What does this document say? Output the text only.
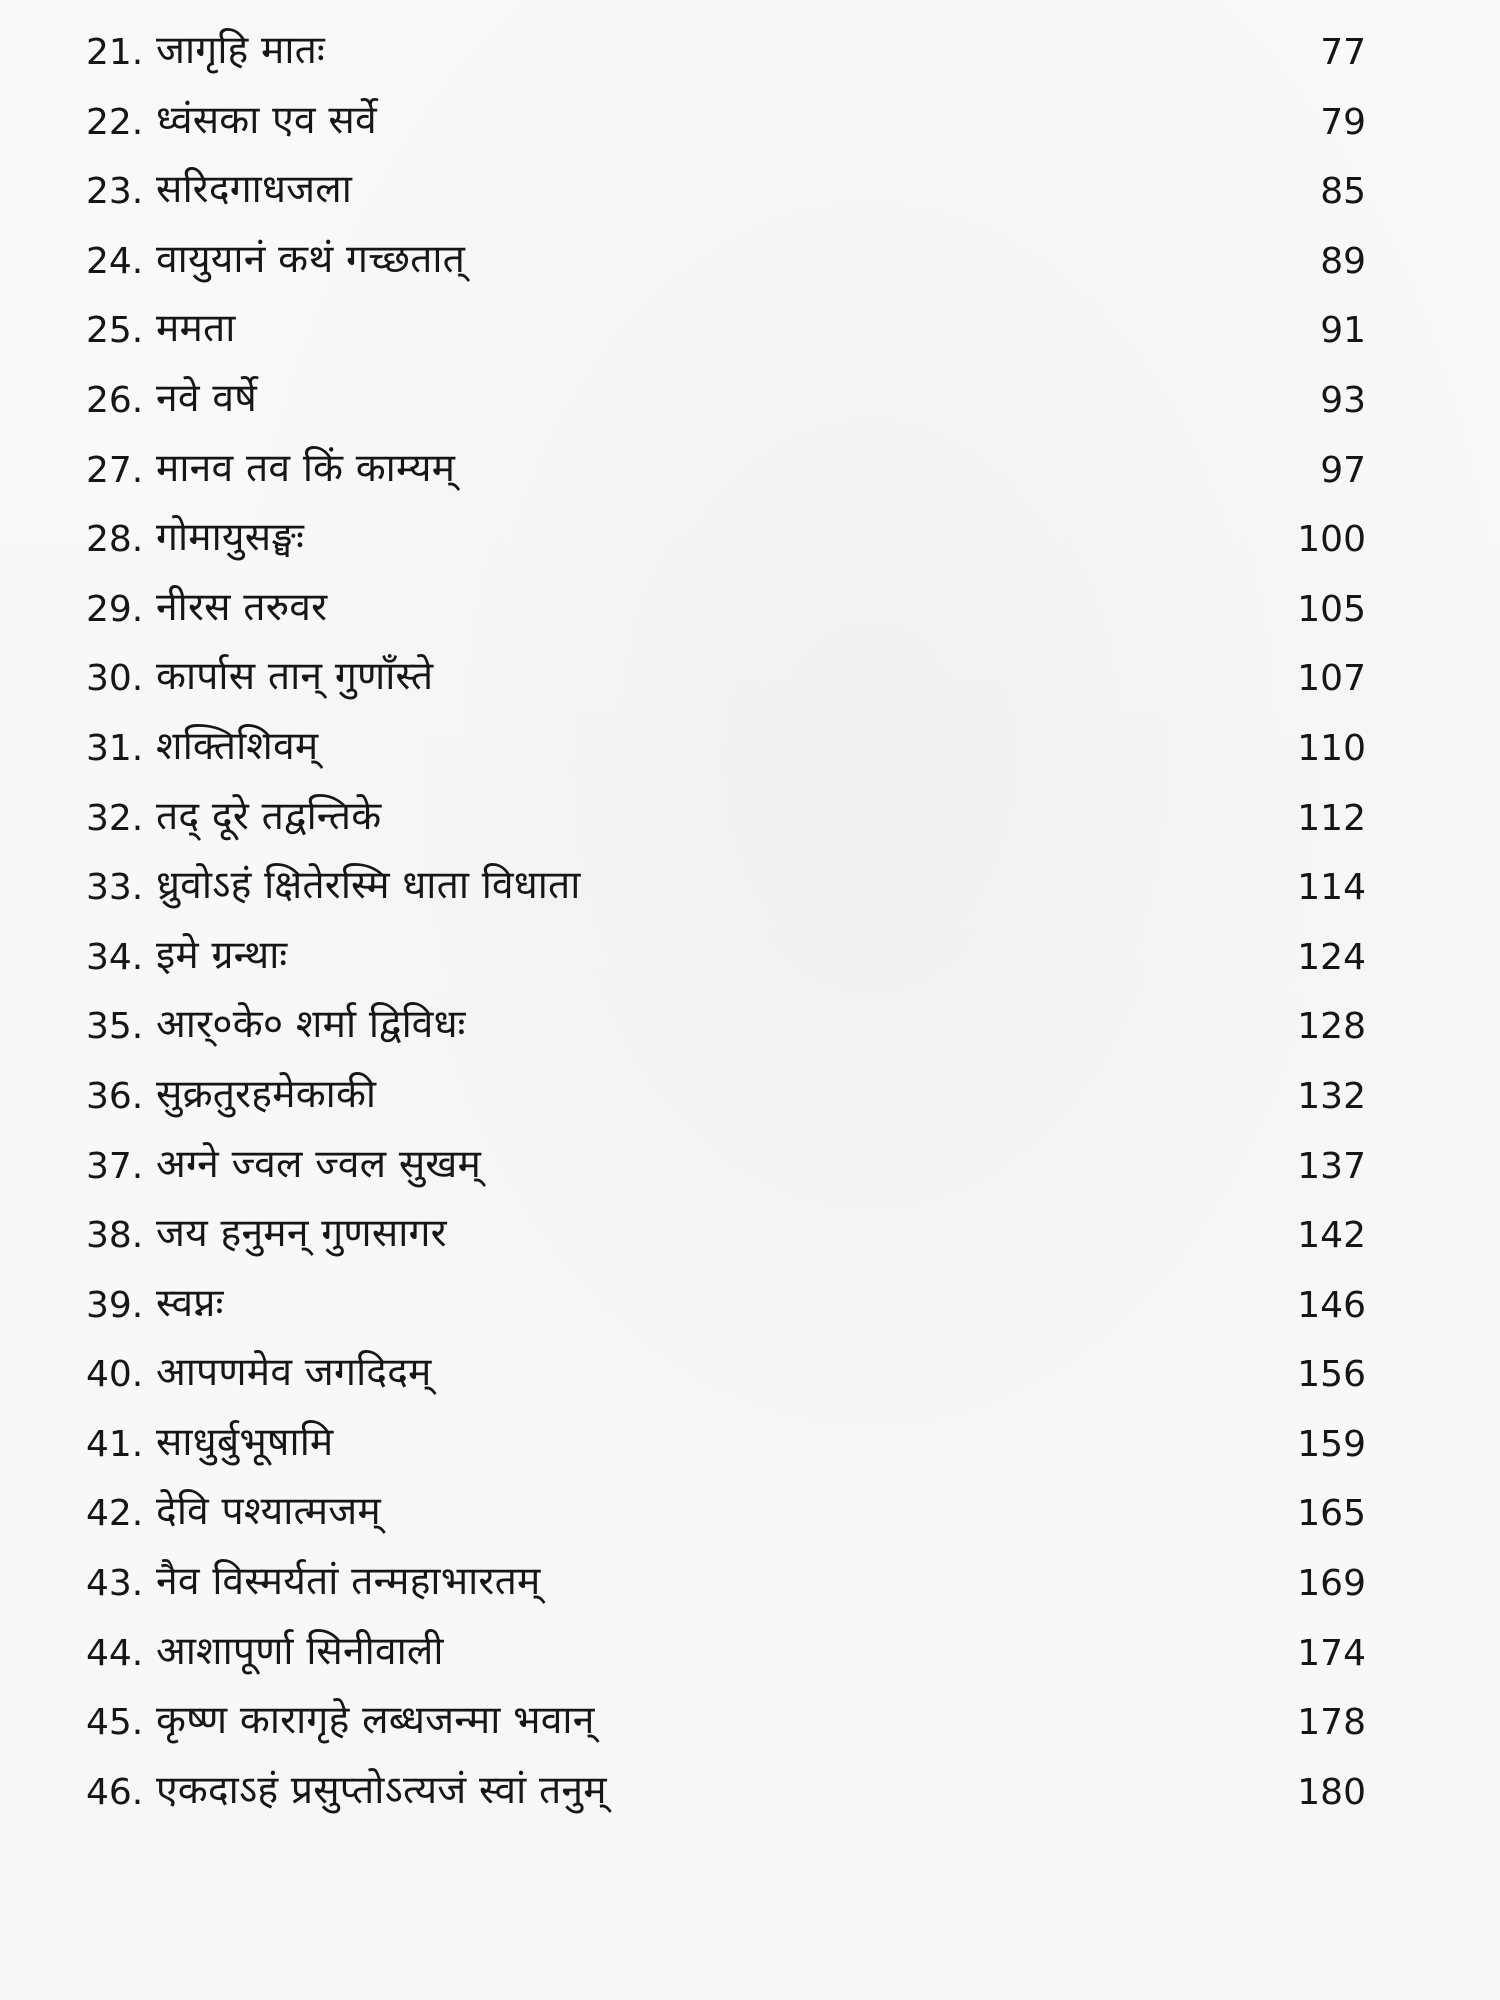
21. जागृहि मातः	77
22. ध्वंसका एव सर्वे	79
23. सरिदगाधजला	85
24. वायुयानं कथं गच्छतात्	89
25. ममता	91
26. नवे वर्षे	93
27. मानव तव किं काम्यम्	97
28. गोमायुसङ्घः	100
29. नीरस तरुवर	105
30. कार्पास तान् गुणाँस्ते	107
31. शक्तिशिवम्	110
32. तद् दूरे तद्वन्तिके	112
33. ध्रुवोऽहं क्षितेरस्मि धाता विधाता	114
34. इमे ग्रन्थाः	124
35. आर्०के० शर्मा द्विविधः	128
36. सुक्रतुरहमेकाकी	132
37. अग्ने ज्वल ज्वल सुखम्	137
38. जय हनुमन् गुणसागर	142
39. स्वप्नः	146
40. आपणमेव जगदिदम्	156
41. साधुर्बुभूषामि	159
42. देवि पश्यात्मजम्	165
43. नैव विस्मर्यतां तन्महाभारतम्	169
44. आशापूर्णा सिनीवाली	174
45. कृष्ण कारागृहे लब्धजन्मा भवान्	178
46. एकदाऽहं प्रसुप्तोऽत्यजं स्वां तनुम्	180
